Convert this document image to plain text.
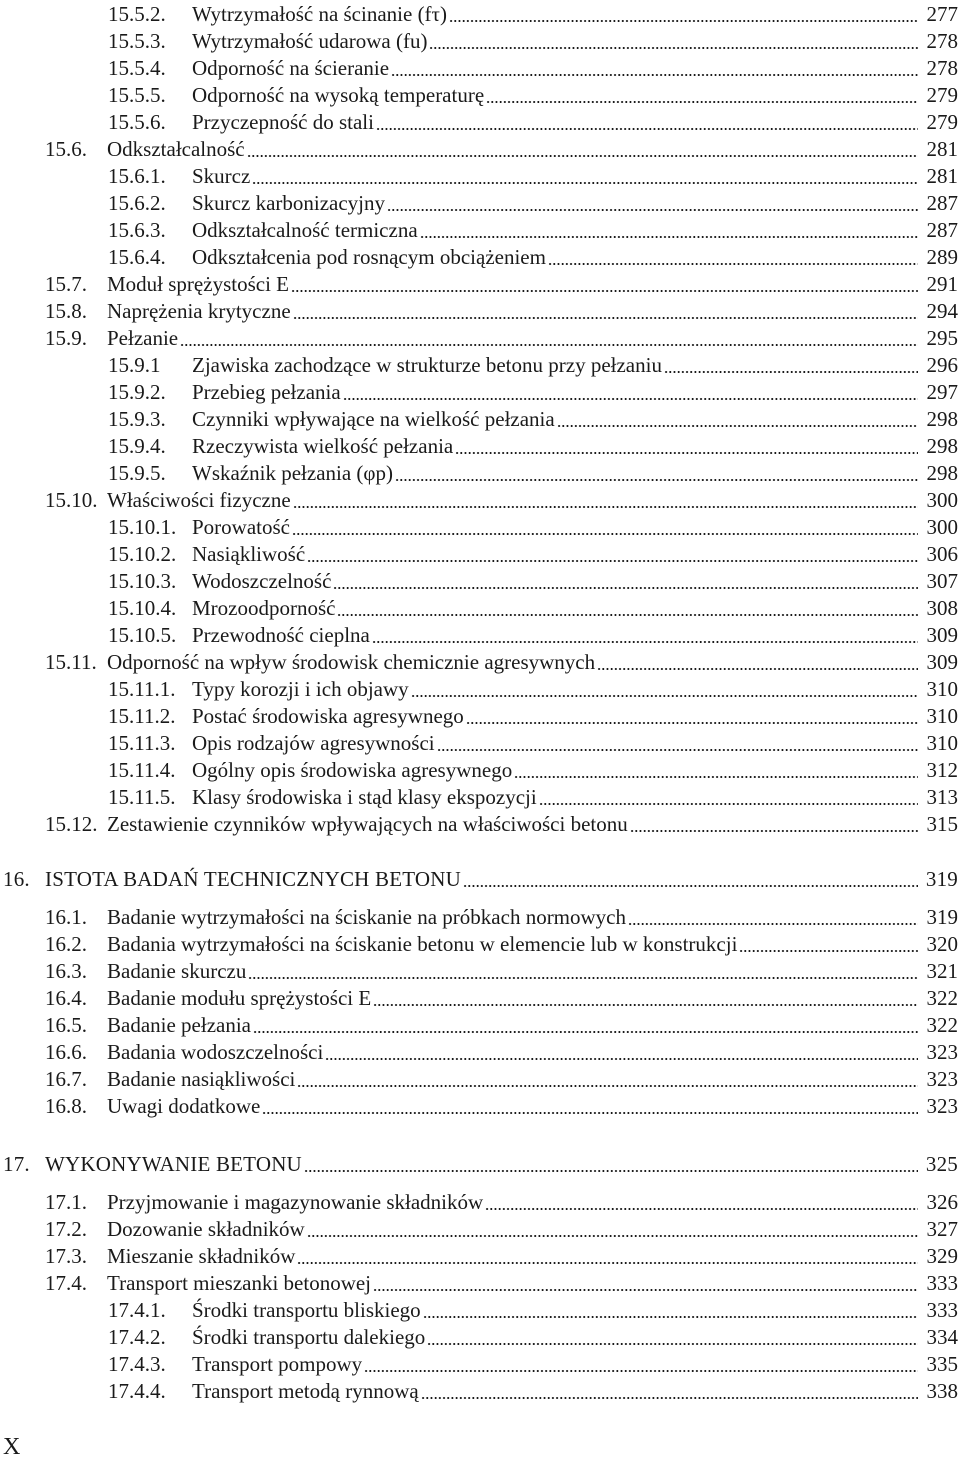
15.5.2.	Wytrzymałość na ścinanie (fτ)	277
15.5.3.	Wytrzymałość udarowa (fu)	278
15.5.4.	Odporność na ścieranie	278
15.5.5.	Odporność na wysoką temperaturę	279
15.5.6.	Przyczepność do stali	279
15.6. Odkształcalność	281
15.6.1.	Skurcz	281
15.6.2.	Skurcz karbonizacyjny	287
15.6.3.	Odkształcalność termiczna	287
15.6.4.	Odkształcenia pod rosnącym obciążeniem	289
15.7. Moduł sprężystości E	291
15.8. Naprężenia krytyczne	294
15.9. Pełzanie	295
15.9.1	Zjawiska zachodzące w strukturze betonu przy pełzaniu	296
15.9.2.	Przebieg pełzania	297
15.9.3.	Czynniki wpływające na wielkość pełzania	298
15.9.4.	Rzeczywista wielkość pełzania	298
15.9.5.	Wskaźnik pełzania (φp)	298
15.10. Właściwości fizyczne	300
15.10.1. Porowatość	300
15.10.2. Nasiąkliwość	306
15.10.3. Wodoszczelność	307
15.10.4. Mrozoodporność	308
15.10.5. Przewodność cieplna	309
15.11. Odporność na wpływ środowisk chemicznie agresywnych	309
15.11.1. Typy korozji i ich objawy	310
15.11.2. Postać środowiska agresywnego	310
15.11.3. Opis rodzajów agresywności	310
15.11.4. Ogólny opis środowiska agresywnego	312
15.11.5. Klasy środowiska i stąd klasy ekspozycji	313
15.12. Zestawienie czynników wpływających na właściwości betonu	315
16. ISTOTA BADAŃ TECHNICZNYCH BETONU	319
16.1. Badanie wytrzymałości na ściskanie na próbkach normowych	319
16.2. Badania wytrzymałości na ściskanie betonu w elemencie lub w konstrukcji	320
16.3. Badanie skurczu	321
16.4. Badanie modułu sprężystości E	322
16.5. Badanie pełzania	322
16.6. Badania wodoszczelności	323
16.7. Badanie nasiąkliwości	323
16.8. Uwagi dodatkowe	323
17. WYKONYWANIE BETONU	325
17.1. Przyjmowanie i magazynowanie składników	326
17.2. Dozowanie składników	327
17.3. Mieszanie składników	329
17.4. Transport mieszanki betonowej	333
17.4.1.	Środki transportu bliskiego	333
17.4.2.	Środki transportu dalekiego	334
17.4.3.	Transport pompowy	335
17.4.4.	Transport metodą rynnową	338
X
